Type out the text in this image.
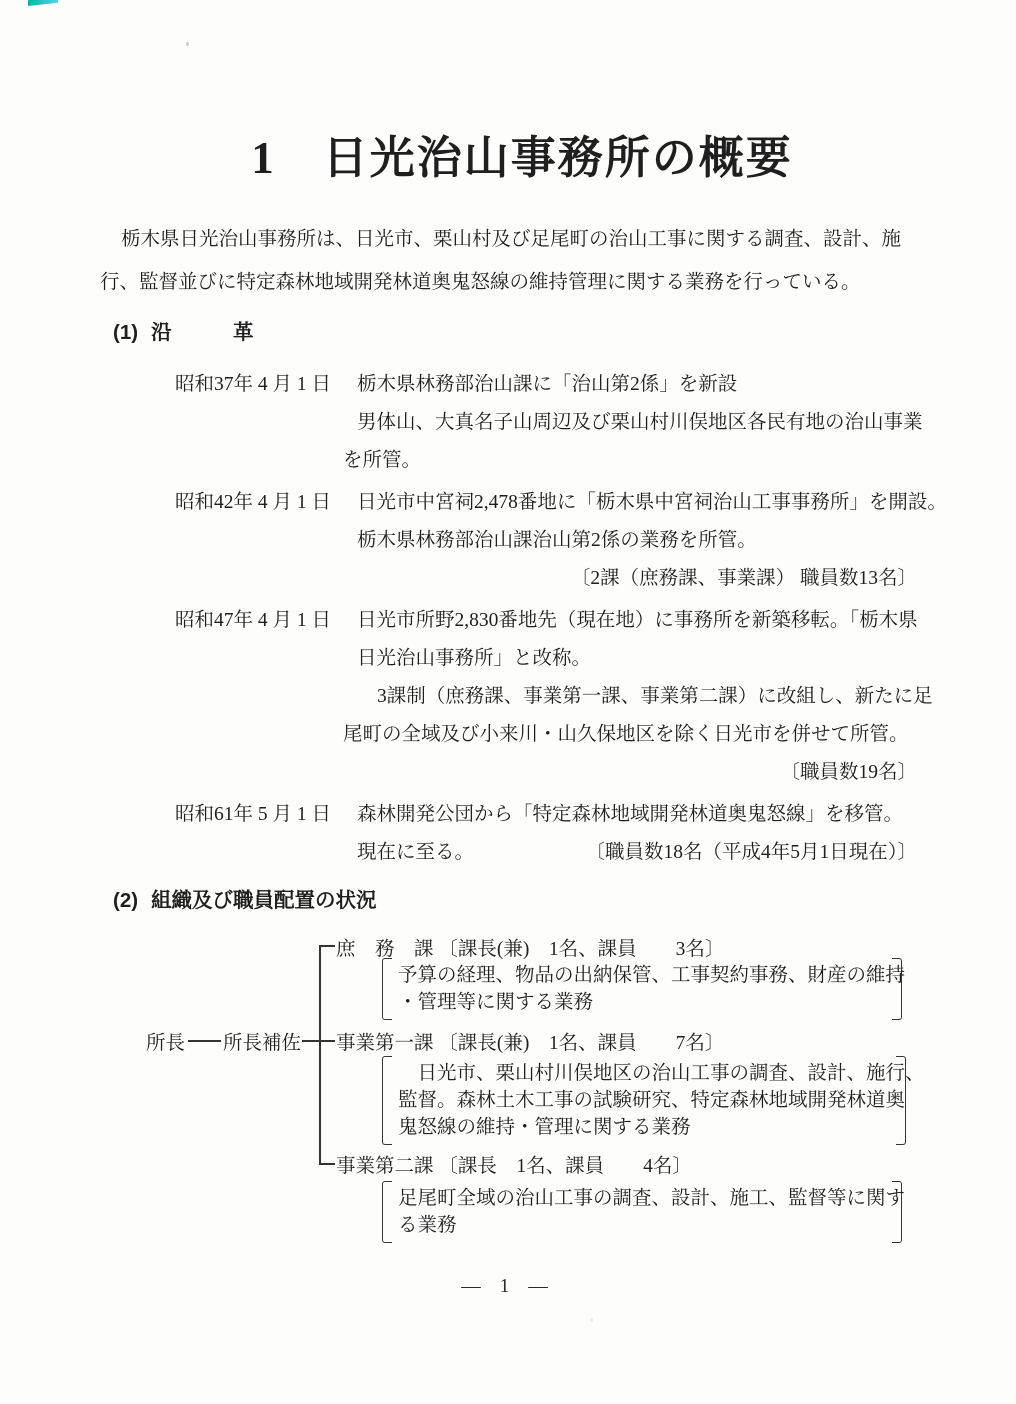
1　日光治山事務所の概要

栃木県日光治山事務所は、日光市、栗山村及び足尾町の治山工事に関する調査、設計、施行、監督並びに特定森林地域開発林道奥鬼怒線の維持管理に関する業務を行っている。

(1) 沿　　　革
昭和37年 4 月 1 日	栃木県林務部治山課に「治山第2係」を新設
男体山、大真名子山周辺及び栗山村川俣地区各民有地の治山事業
を所管。
昭和42年 4 月 1 日	日光市中宮祠2,478番地に「栃木県中宮祠治山工事事務所」を開設。
栃木県林務部治山課治山第2係の業務を所管。
〔2課（庶務課、事業課） 職員数13名〕
昭和47年 4 月 1 日	日光市所野2,830番地先（現在地）に事務所を新築移転。「栃木県
日光治山事務所」と改称。
3課制（庶務課、事業第一課、事業第二課）に改組し、新たに足
尾町の全域及び小来川・山久保地区を除く日光市を併せて所管。
〔職員数19名〕
昭和61年 5 月 1 日	森林開発公団から「特定森林地域開発林道奥鬼怒線」を移管。
現在に至る。	〔職員数18名（平成4年5月1日現在）〕
(2) 組織及び職員配置の状況
所長 所長補佐
庶　務　課 〔課長(兼)　1名、課員　　3名〕
予算の経理、物品の出納保管、工事契約事務、財産の維持
・管理等に関する業務
事業第一課 〔課長(兼)　1名、課員　　7名〕
　日光市、栗山村川俣地区の治山工事の調査、設計、施行、
監督。森林土木工事の試験研究、特定森林地域開発林道奥
鬼怒線の維持・管理に関する業務
事業第二課 〔課長　1名、課員　　4名〕
足尾町全域の治山工事の調査、設計、施工、監督等に関す
る業務
— 1 —
